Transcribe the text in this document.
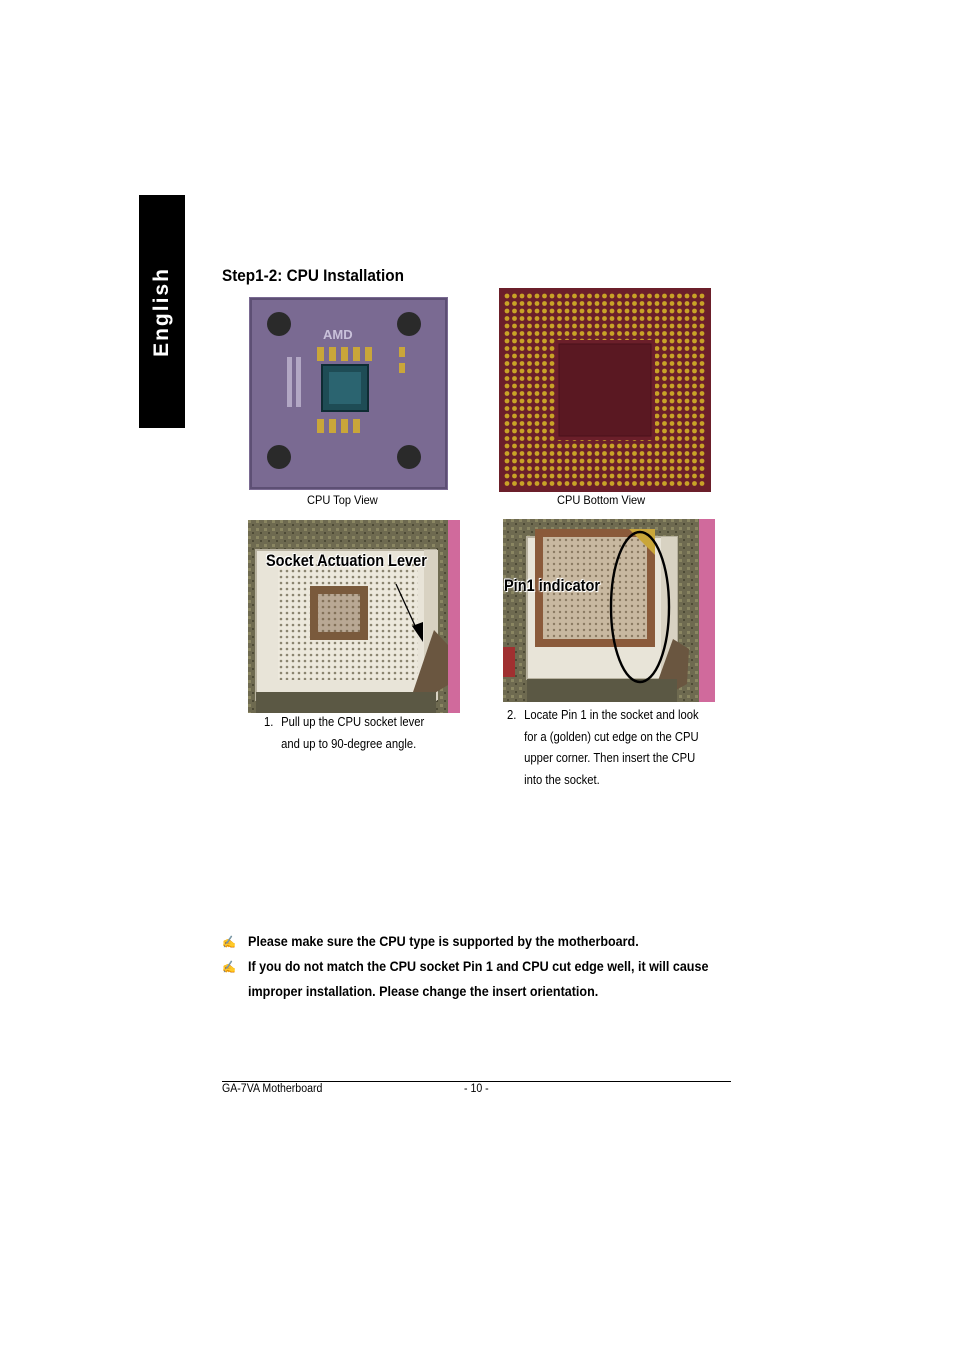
English	Step1-2: CPU Installation
AMD
CPU Top View	CPU Bottom View
Socket Actuation Lever
Pin1 indicator
1. Pull up the CPU socket lever
and up to 90-degree angle.
2. Locate Pin 1 in the socket and look
for a (golden) cut edge on the CPU
upper corner. Then insert the CPU
into the socket.
✍ Please make sure the CPU type is supported by the motherboard.
✍ If you do not match the CPU socket Pin 1 and CPU cut edge well, it will cause
improper installation. Please change the insert orientation.
GA-7VA Motherboard	- 10 -
